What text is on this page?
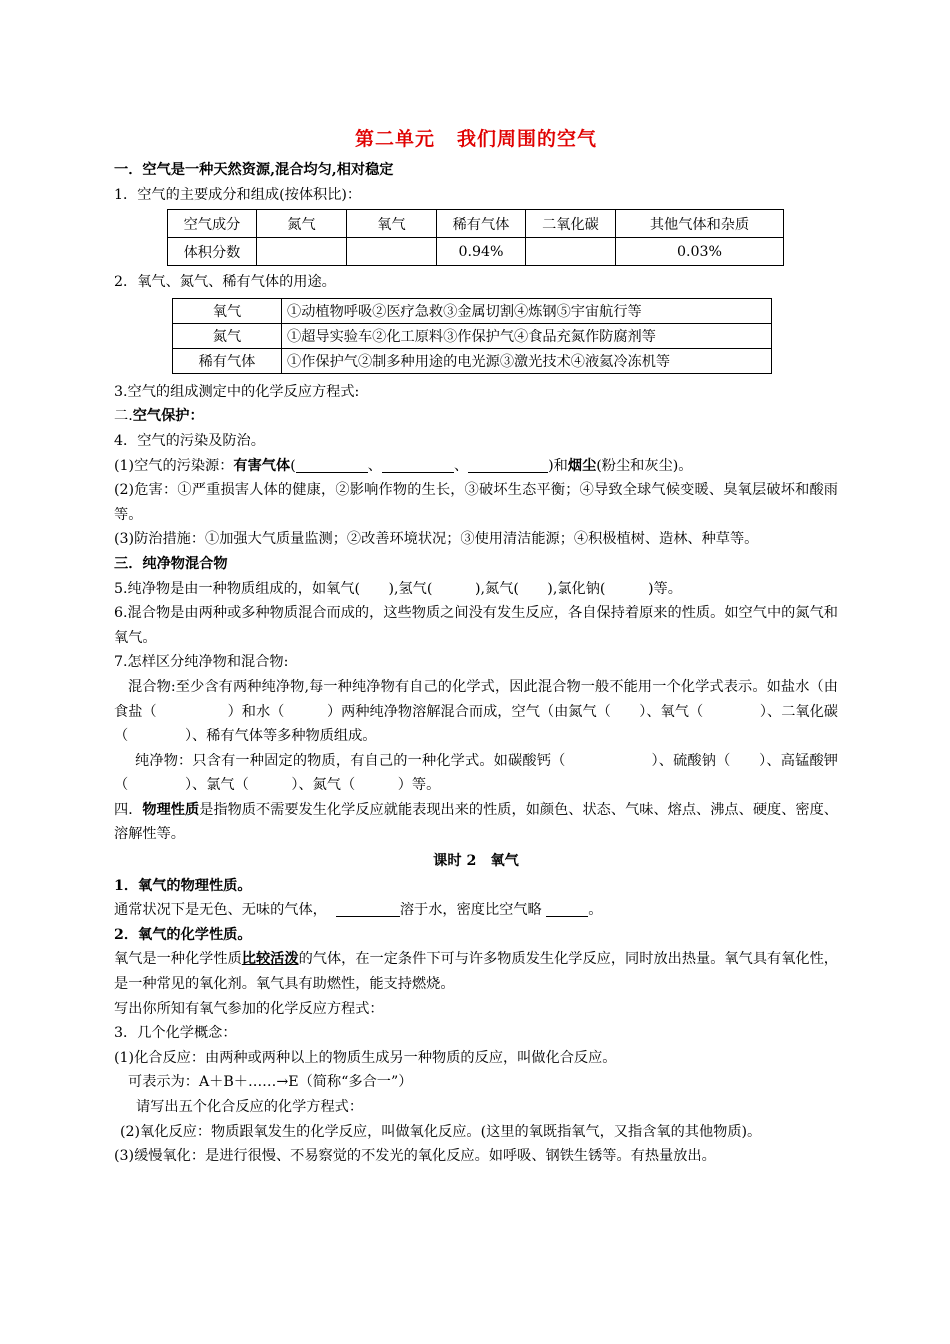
第二单元 我们周围的空气
一．空气是一种天然资源,混合均匀,相对稳定
1．空气的主要成分和组成(按体积比)：
空气成分	氮气	氧气	稀有气体	二氧化碳	其他气体和杂质
体积分数			0.94%		0.03%
2．氧气、氮气、稀有气体的用途。
氧气	①动植物呼吸②医疗急救③金属切割④炼钢⑤宇宙航行等
氮气	①超导实验车②化工原料③作保护气④食品充氮作防腐剂等
稀有气体	①作保护气②制多种用途的电光源③激光技术④液氦冷冻机等
3.空气的组成测定中的化学反应方程式:
二.空气保护：
4．空气的污染及防治。
(1)空气的污染源：有害气体(	、	、	)和烟尘(粉尘和灰尘)。
(2)危害：①严重损害人体的健康，②影响作物的生长，③破坏生态平衡；④导致全球气候变暖、臭氧层破坏和酸雨等。
(3)防治措施：①加强大气质量监测；②改善环境状况；③使用清洁能源；④积极植树、造林、种草等。
三．纯净物混合物
5.纯净物是由一种物质组成的，如氧气(　　),氢气(　　　),氮气(　　),氯化钠(　　　)等。
6.混合物是由两种或多种物质混合而成的，这些物质之间没有发生反应，各自保持着原来的性质。如空气中的氮气和氧气。
7.怎样区分纯净物和混合物:
混合物:至少含有两种纯净物,每一种纯净物有自己的化学式，因此混合物一般不能用一个化学式表示。如盐水（由食盐（　　　　　）和水（　　　）两种纯净物溶解混合而成，空气（由氮气（　　）、氧气（　　　　）、二氧化碳（　　　　）、稀有气体等多种物质组成。
纯净物：只含有一种固定的物质，有自己的一种化学式。如碳酸钙（　　　　　　）、硫酸钠（　　）、高锰酸钾（　　　　）、氯气（　　　）、氮气（　　　）等。
四．物理性质是指物质不需要发生化学反应就能表现出来的性质，如颜色、状态、气味、熔点、沸点、硬度、密度、溶解性等。
课时 2　氧气
1．氧气的物理性质。
通常状况下是无色、无味的气体，	溶于水，密度比空气略	。
2．氧气的化学性质。
氧气是一种化学性质比较活泼的气体，在一定条件下可与许多物质发生化学反应，同时放出热量。氧气具有氧化性，是一种常见的氧化剂。氧气具有助燃性，能支持燃烧。
写出你所知有氧气参加的化学反应方程式：
3．几个化学概念：
(1)化合反应：由两种或两种以上的物质生成另一种物质的反应，叫做化合反应。
可表示为：A＋B＋……→E（简称“多合一”）
请写出五个化合反应的化学方程式：
(2)氧化反应：物质跟氧发生的化学反应，叫做氧化反应。(这里的氧既指氧气，又指含氧的其他物质)。
(3)缓慢氧化：是进行很慢、不易察觉的不发光的氧化反应。如呼吸、钢铁生锈等。有热量放出。
